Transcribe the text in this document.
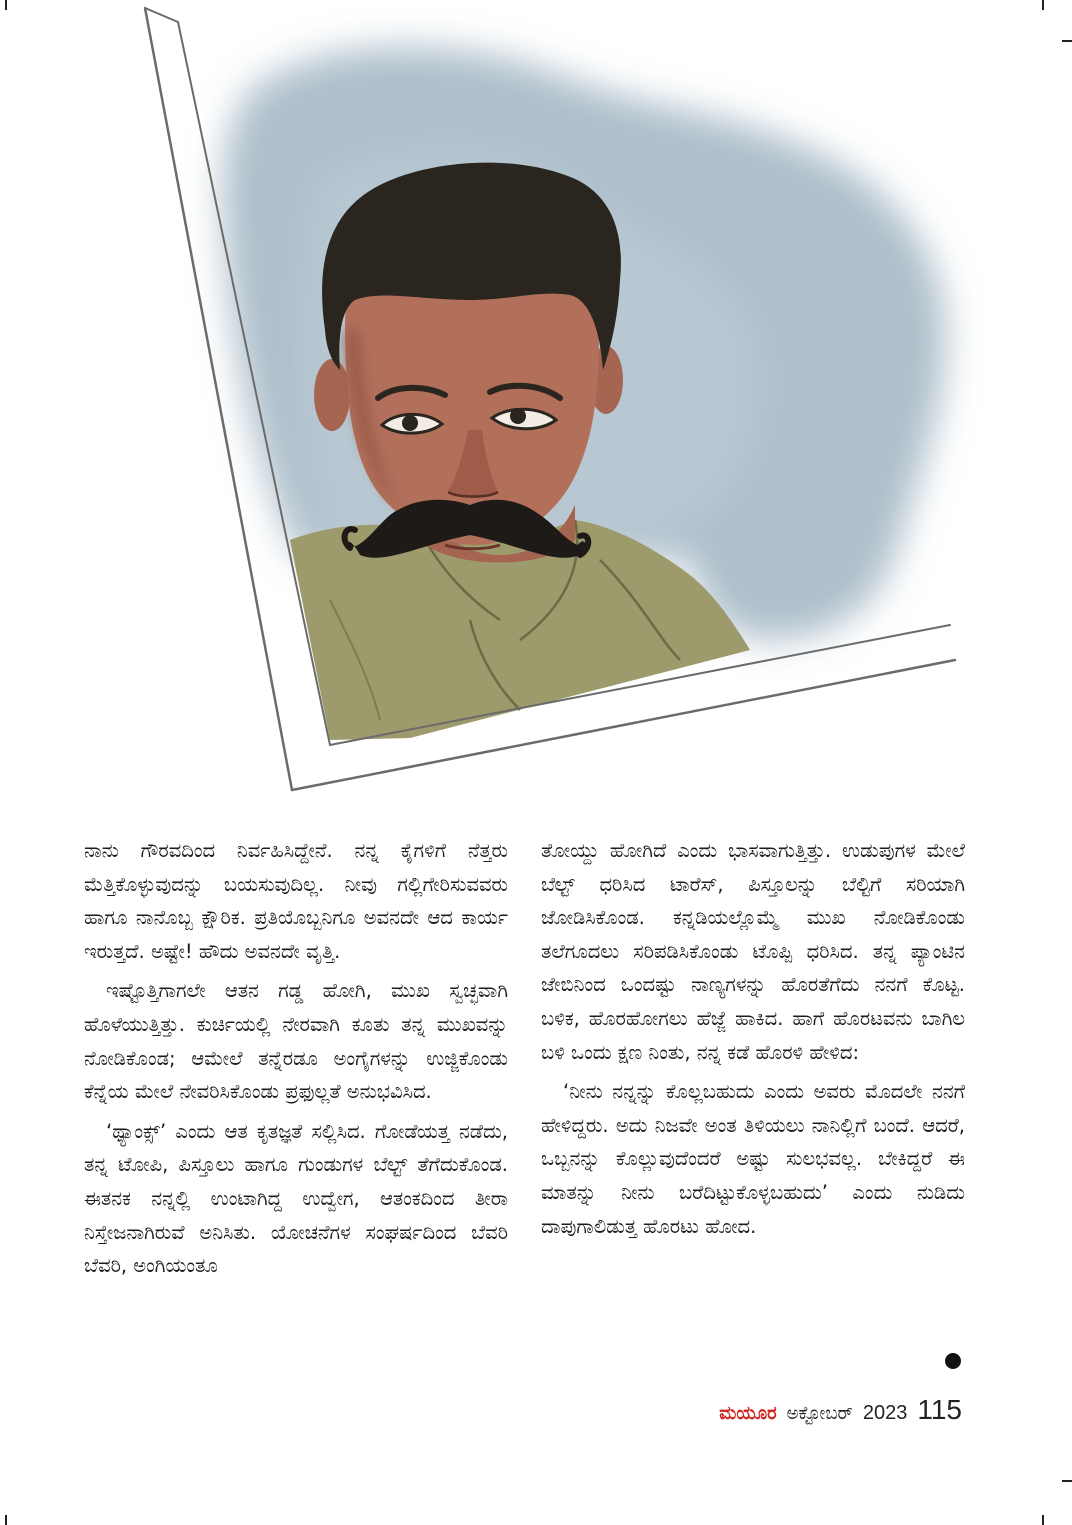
ನಾನು ಗೌರವದಿಂದ ನಿರ್ವಹಿಸಿದ್ದೇನೆ. ನನ್ನ ಕೈಗಳಿಗೆ ನೆತ್ತರು ಮೆತ್ತಿಕೊಳ್ಳುವುದನ್ನು ಬಯಸುವುದಿಲ್ಲ. ನೀವು ಗಲ್ಲಿಗೇರಿಸುವವರು ಹಾಗೂ ನಾನೊಬ್ಬ ಕ್ಷೌರಿಕ. ಪ್ರತಿಯೊಬ್ಬನಿಗೂ ಅವನದೇ ಆದ ಕಾರ್ಯ ಇರುತ್ತದೆ. ಅಷ್ಟೇ! ಹೌದು ಅವನದೇ ವೃತ್ತಿ.

ಇಷ್ಟೊತ್ತಿಗಾಗಲೇ ಆತನ ಗಡ್ಡ ಹೋಗಿ, ಮುಖ ಸ್ವಚ್ಛವಾಗಿ ಹೊಳೆಯುತ್ತಿತ್ತು. ಕುರ್ಚಿಯಲ್ಲಿ ನೇರವಾಗಿ ಕೂತು ತನ್ನ ಮುಖವನ್ನು ನೋಡಿಕೊಂಡ; ಆಮೇಲೆ ತನ್ನೆರಡೂ ಅಂಗೈಗಳನ್ನು ಉಜ್ಜಿಕೊಂಡು ಕೆನ್ನೆಯ ಮೇಲೆ ನೇವರಿಸಿಕೊಂಡು ಪ್ರಫುಲ್ಲತೆ ಅನುಭವಿಸಿದ.

‘ಥ್ಯಾಂಕ್ಸ್’ ಎಂದು ಆತ ಕೃತಜ್ಞತೆ ಸಲ್ಲಿಸಿದ. ಗೋಡೆಯತ್ತ ನಡೆದು, ತನ್ನ ಟೋಪಿ, ಪಿಸ್ತೂಲು ಹಾಗೂ ಗುಂಡುಗಳ ಬೆಲ್ಟ್ ತೆಗೆದುಕೊಂಡ. ಈತನಕ ನನ್ನಲ್ಲಿ ಉಂಟಾಗಿದ್ದ ಉದ್ವೇಗ, ಆತಂಕದಿಂದ ತೀರಾ ನಿಸ್ತೇಜನಾಗಿರುವೆ ಅನಿಸಿತು. ಯೋಚನೆಗಳ ಸಂಘರ್ಷದಿಂದ ಬೆವರಿ ಬೆವರಿ, ಅಂಗಿಯಂತೂ

ತೋಯ್ದು ಹೋಗಿದೆ ಎಂದು ಭಾಸವಾಗುತ್ತಿತ್ತು. ಉಡುಪುಗಳ ಮೇಲೆ ಬೆಲ್ಟ್ ಧರಿಸಿದ ಟಾರೆಸ್, ಪಿಸ್ತೂಲನ್ನು ಬೆಲ್ಟಿಗೆ ಸರಿಯಾಗಿ ಜೋಡಿಸಿಕೊಂಡ. ಕನ್ನಡಿಯಲ್ಲೊಮ್ಮೆ ಮುಖ ನೋಡಿಕೊಂಡು ತಲೆಗೂದಲು ಸರಿಪಡಿಸಿಕೊಂಡು ಟೊಪ್ಪಿ ಧರಿಸಿದ. ತನ್ನ ಪ್ಯಾಂಟಿನ ಜೇಬಿನಿಂದ ಒಂದಷ್ಟು ನಾಣ್ಯಗಳನ್ನು ಹೊರತೆಗೆದು ನನಗೆ ಕೊಟ್ಟ. ಬಳಿಕ, ಹೊರಹೋಗಲು ಹೆಜ್ಜೆ ಹಾಕಿದ. ಹಾಗೆ ಹೊರಟವನು ಬಾಗಿಲ ಬಳಿ ಒಂದು ಕ್ಷಣ ನಿಂತು, ನನ್ನ ಕಡೆ ಹೊರಳಿ ಹೇಳಿದ:

‘ನೀನು ನನ್ನನ್ನು ಕೊಲ್ಲಬಹುದು ಎಂದು ಅವರು ಮೊದಲೇ ನನಗೆ ಹೇಳಿದ್ದರು. ಅದು ನಿಜವೇ ಅಂತ ತಿಳಿಯಲು ನಾನಿಲ್ಲಿಗೆ ಬಂದೆ. ಆದರೆ, ಒಬ್ಬನನ್ನು ಕೊಲ್ಲುವುದೆಂದರೆ ಅಷ್ಟು ಸುಲಭವಲ್ಲ. ಬೇಕಿದ್ದರೆ ಈ ಮಾತನ್ನು ನೀನು ಬರೆದಿಟ್ಟುಕೊಳ್ಳಬಹುದು’ ಎಂದು ನುಡಿದು ದಾಪುಗಾಲಿಡುತ್ತ ಹೊರಟು ಹೋದ.

ಮಯೂರ ಅಕ್ಟೋಬರ್ 2023 115
